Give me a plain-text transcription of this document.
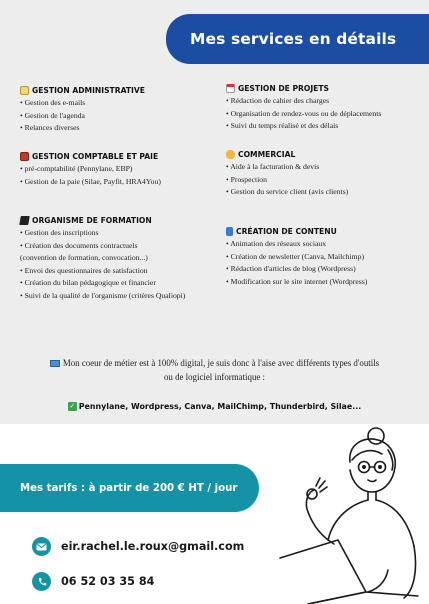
Mes services en détails
GESTION ADMINISTRATIVE
• Gestion des e-mails
• Gestion de l'agenda
• Relances diverses
GESTION DE PROJETS
• Rédaction de cahier des charges
• Organisation de rendez-vous ou de déplacements
• Suivi du temps réalisé et des délais
GESTION COMPTABLE ET PAIE
• pré-comptabilité (Pennylane, EBP)
• Gestion de la paie (Silae, Payfit, HRA4You)
COMMERCIAL
• Aide à la facturation & devis
• Prospection
• Gestion du service client (avis clients)
ORGANISME DE FORMATION
• Gestion des inscriptions
• Création des documents contractuels
(convention de formation, convocation...)
• Envoi des questionnaires de satisfaction
• Création du bilan pédagogique et financier
• Suivi de la qualité de l'organisme (critères Qualiopi)
CRÉATION DE CONTENU
• Animation des réseaux sociaux
• Création de newsletter (Canva, Mailchimp)
• Rédaction d'articles de blog (Wordpress)
• Modification sur le site internet (Wordpress)
Mon coeur de métier est à 100% digital, je suis donc à l'aise avec différents types d'outils
ou de logiciel informatique :
✓ Pennylane, Wordpress, Canva, MailChimp, Thunderbird, Silae...
Mes tarifs : à partir de 200 € HT / jour
eir.rachel.le.roux@gmail.com
06 52 03 35 84
